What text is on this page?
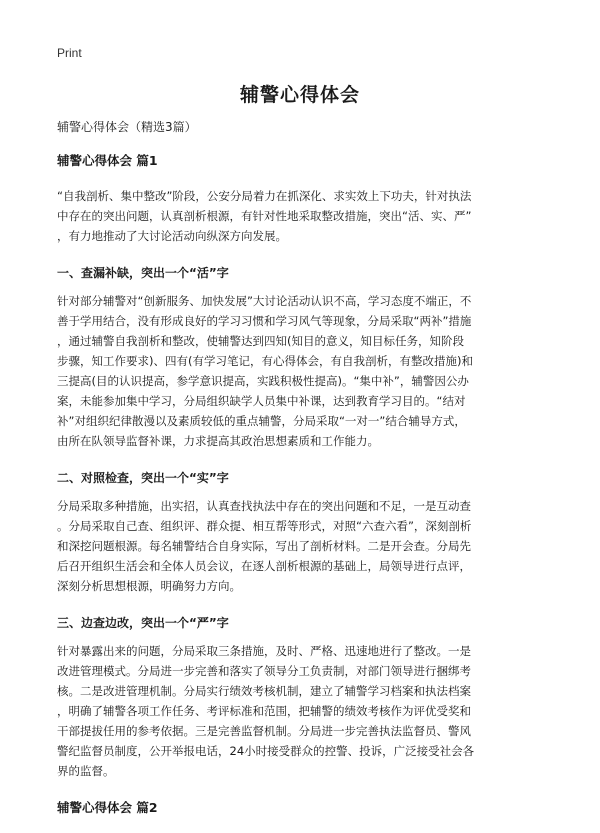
Print
辅警心得体会
辅警心得体会（精选3篇）
辅警心得体会 篇1
“自我剖析、集中整改”阶段，公安分局着力在抓深化、求实效上下功夫，针对执法
中存在的突出问题，认真剖析根源，有针对性地采取整改措施，突出“活、实、严”
，有力地推动了大讨论活动向纵深方向发展。
一、查漏补缺，突出一个“活”字
针对部分辅警对“创新服务、加快发展”大讨论活动认识不高，学习态度不端正，不
善于学用结合，没有形成良好的学习习惯和学习风气等现象，分局采取“两补”措施
，通过辅警自我剖析和整改，使辅警达到四知(知目的意义，知目标任务，知阶段
步骤，知工作要求)、四有(有学习笔记，有心得体会，有自我剖析，有整改措施)和
三提高(目的认识提高，参学意识提高，实践积极性提高)。“集中补”，辅警因公办
案，未能参加集中学习，分局组织缺学人员集中补课，达到教育学习目的。“结对
补”对组织纪律散漫以及素质较低的重点辅警，分局采取“一对一”结合辅导方式，
由所在队领导监督补课，力求提高其政治思想素质和工作能力。
二、对照检查，突出一个“实”字
分局采取多种措施，出实招，认真查找执法中存在的突出问题和不足，一是互动查
。分局采取自己查、组织评、群众提、相互帮等形式，对照“六查六看”，深刻剖析
和深挖问题根源。每名辅警结合自身实际，写出了剖析材料。二是开会查。分局先
后召开组织生活会和全体人员会议，在逐人剖析根源的基础上，局领导进行点评，
深刻分析思想根源，明确努力方向。
三、边查边改，突出一个“严”字
针对暴露出来的问题，分局采取三条措施，及时、严格、迅速地进行了整改。一是
改进管理模式。分局进一步完善和落实了领导分工负责制，对部门领导进行捆绑考
核。二是改进管理机制。分局实行绩效考核机制，建立了辅警学习档案和执法档案
，明确了辅警各项工作任务、考评标准和范围，把辅警的绩效考核作为评优受奖和
干部提拔任用的参考依据。三是完善监督机制。分局进一步完善执法监督员、警风
警纪监督员制度，公开举报电话，24小时接受群众的控警、投诉，广泛接受社会各
界的监督。
辅警心得体会 篇2
